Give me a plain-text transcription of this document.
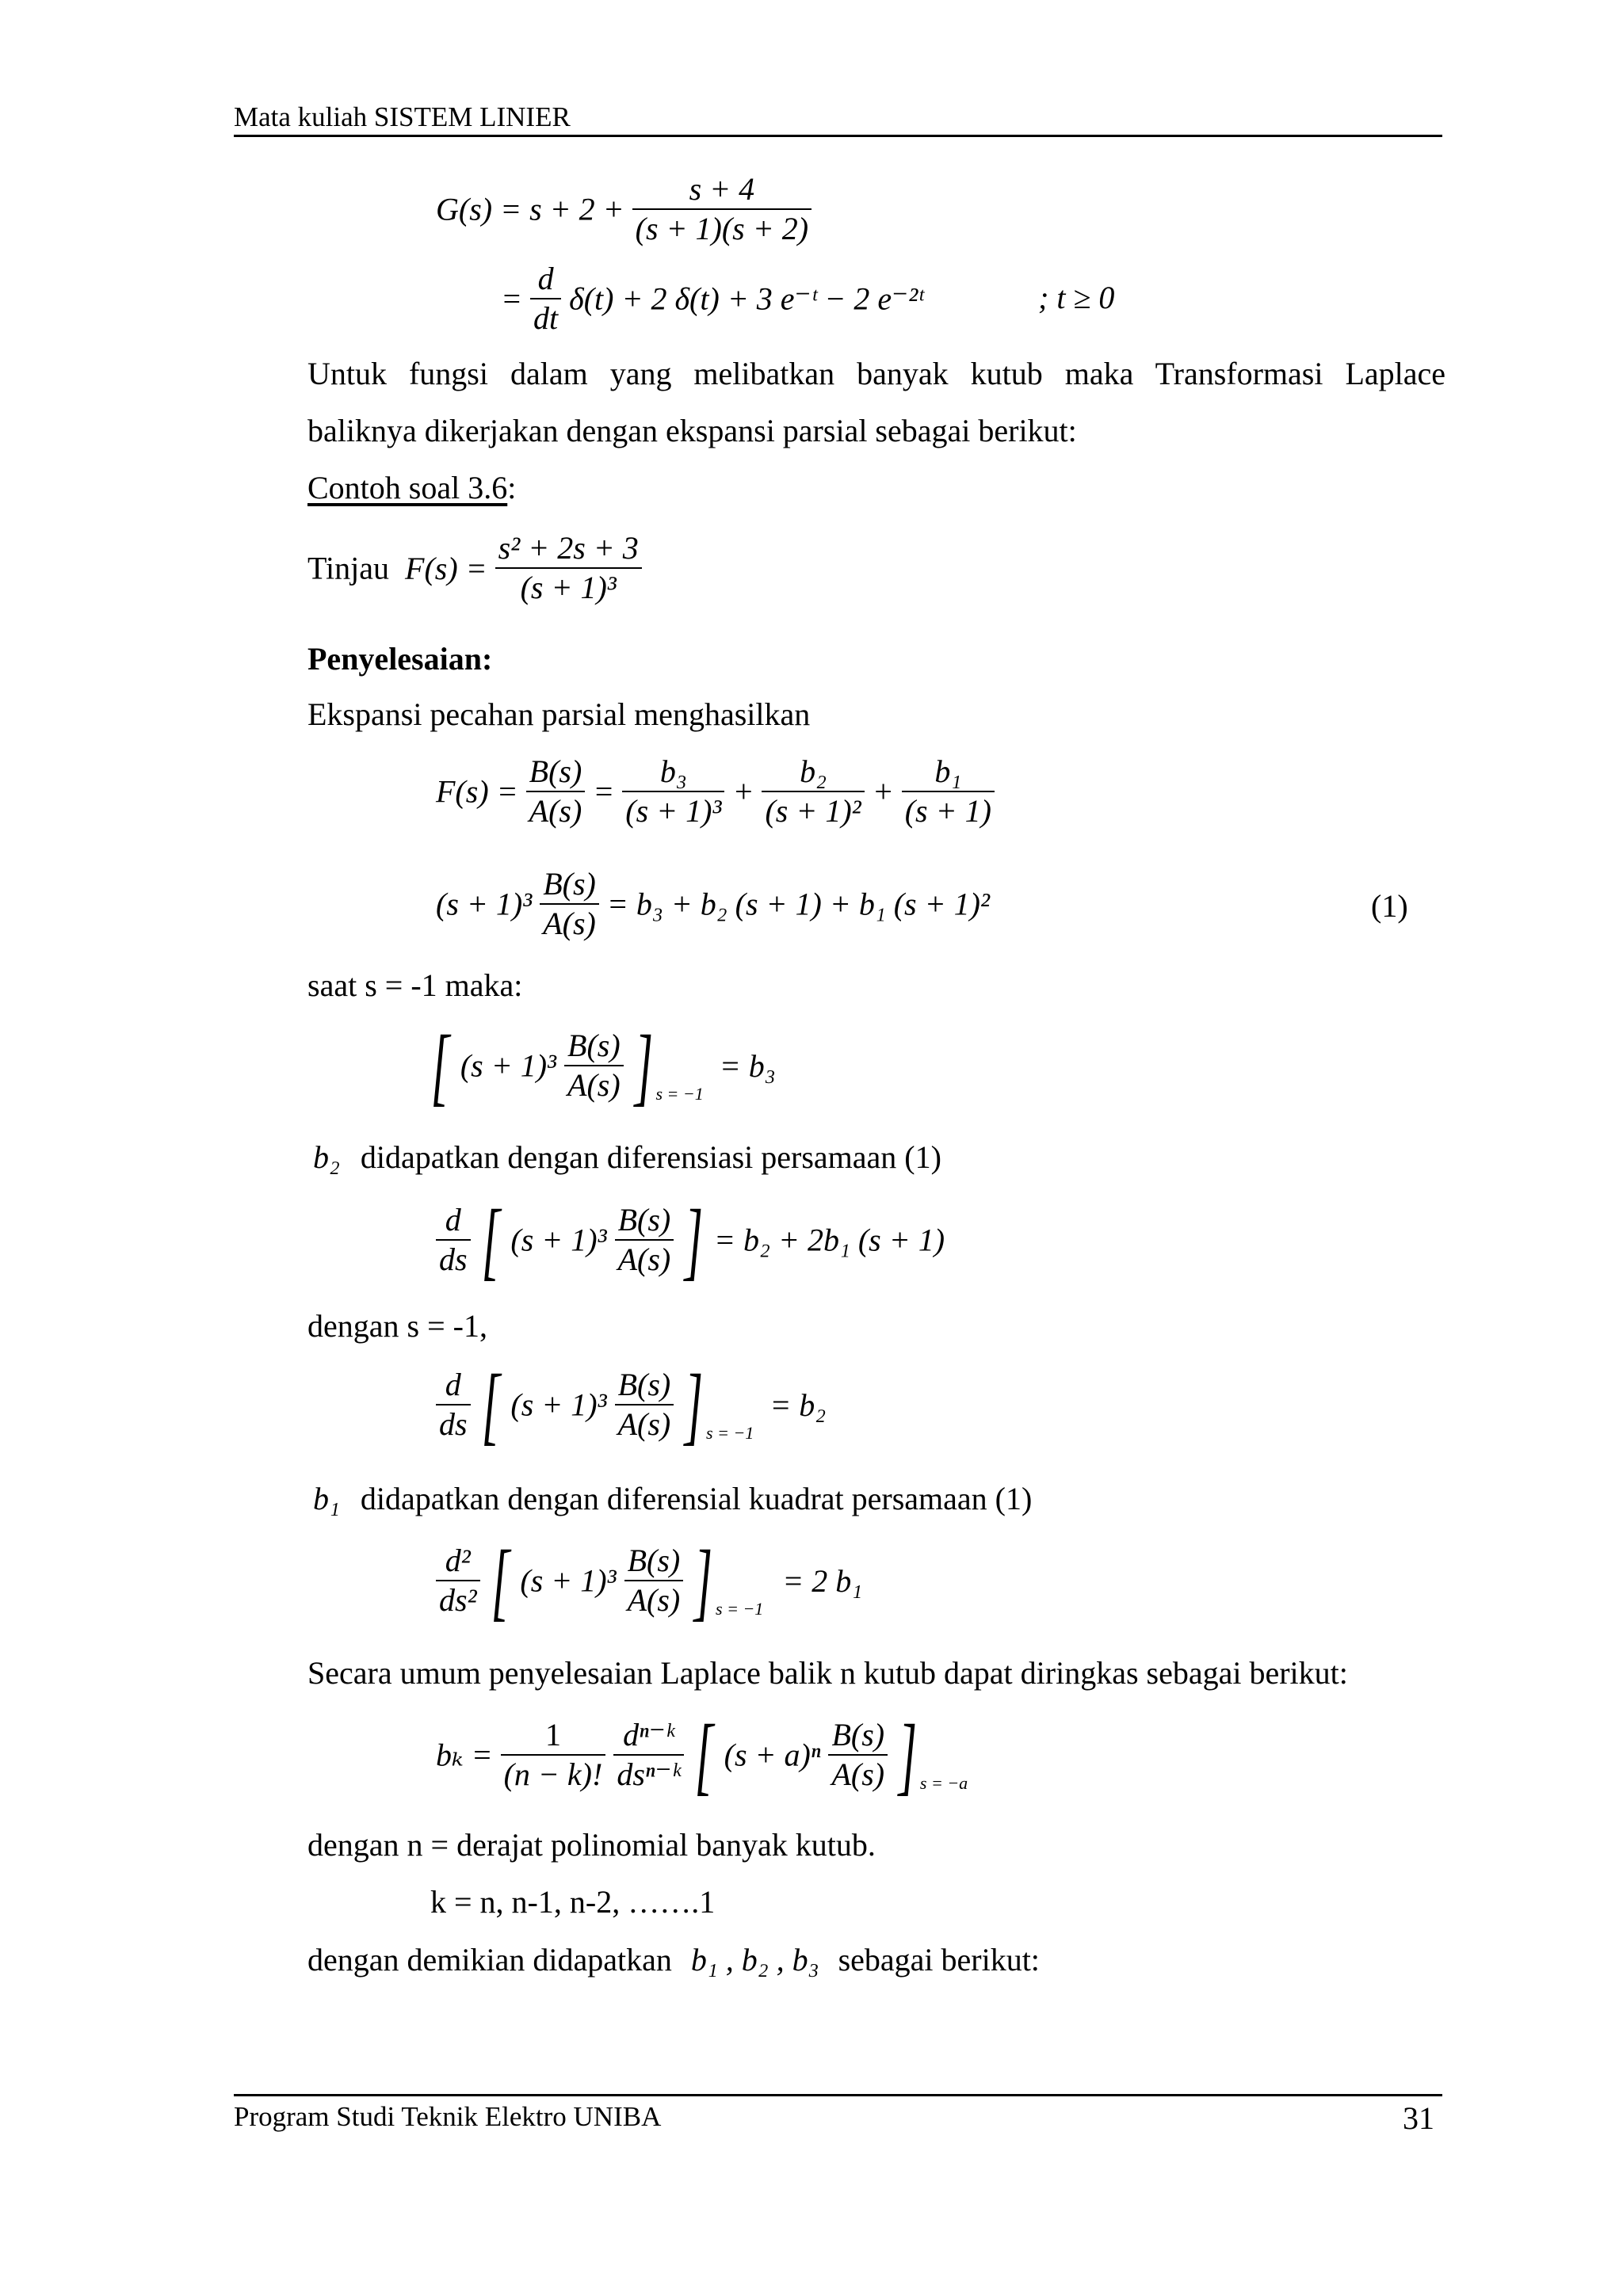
Mata kuliah SISTEM LINIER
$G(s) = s + 2 + \frac{s + 4}{(s + 1)(s + 2)}$
= $\frac{d}{dt} \delta(t) + 2$ δ(t) + 3 e⁻ᵗ − 2 e⁻²ᵗ	; t ≥ 0
Untuk fungsi dalam yang melibatkan banyak kutub maka Transformasi Laplace
baliknya dikerjakan dengan ekspansi parsial sebagai berikut:
Contoh soal 3.6:
Tinjau $F(s) = \frac{\text{s² + 2s + 3}}{\text{(s + 1)³}}$
Penyelesaian:
Ekspansi pecahan parsial menghasilkan
$F(s) = \frac{B(s)}{A(s)} = \frac{\text{b₃}}{\text{(s + 1)³}} + \frac{\text{b₂}}{\text{(s + 1)²}} + \frac{\text{b₁}}{(s + 1)}$
$(s + 1)^3 \frac{B(s)}{A(s)} = b_3 + b_2$ (s + 1) + b₁ (s + 1)²	(1)
saat s = -1 maka:
[ $(s + 1)^3 \frac{B(s)}{A(s)}$ ] $_{s = -1}$ = b₃
b₂ didapatkan dengan diferensiasi persamaan (1)
$\frac{d}{ds}$ [ $(s + 1)^3 \frac{B(s)}{A(s)}$ ] = b₂ + 2b₁ (s + 1)
dengan s = -1,
$\frac{d}{ds}$ [ $(s + 1)^3 \frac{B(s)}{A(s)}$ ] $_{s = -1}$ = b₂
b₁ didapatkan dengan diferensial kuadrat persamaan (1)
$\frac{\text{d²}}{\text{ds²}}$ [ $(s + 1)^3 \frac{B(s)}{A(s)}$ ] $_{s = -1}$ = 2 b₁
Secara umum penyelesaian Laplace balik n kutub dapat diringkas sebagai berikut:
$b_k = \frac{1}{(n - k)!}$
$\frac{\text{dⁿ⁻ᵏ}}{\text{dsⁿ⁻ᵏ}}$ [ $(s + a)^n \frac{B(s)}{A(s)}$ ] $_{s = -a}$
dengan n = derajat polinomial banyak kutub.
k = n, n-1, n-2, …….1
dengan demikian didapatkan b₁ , b₂ , b₃ sebagai berikut:
Program Studi Teknik Elektro UNIBA	31
